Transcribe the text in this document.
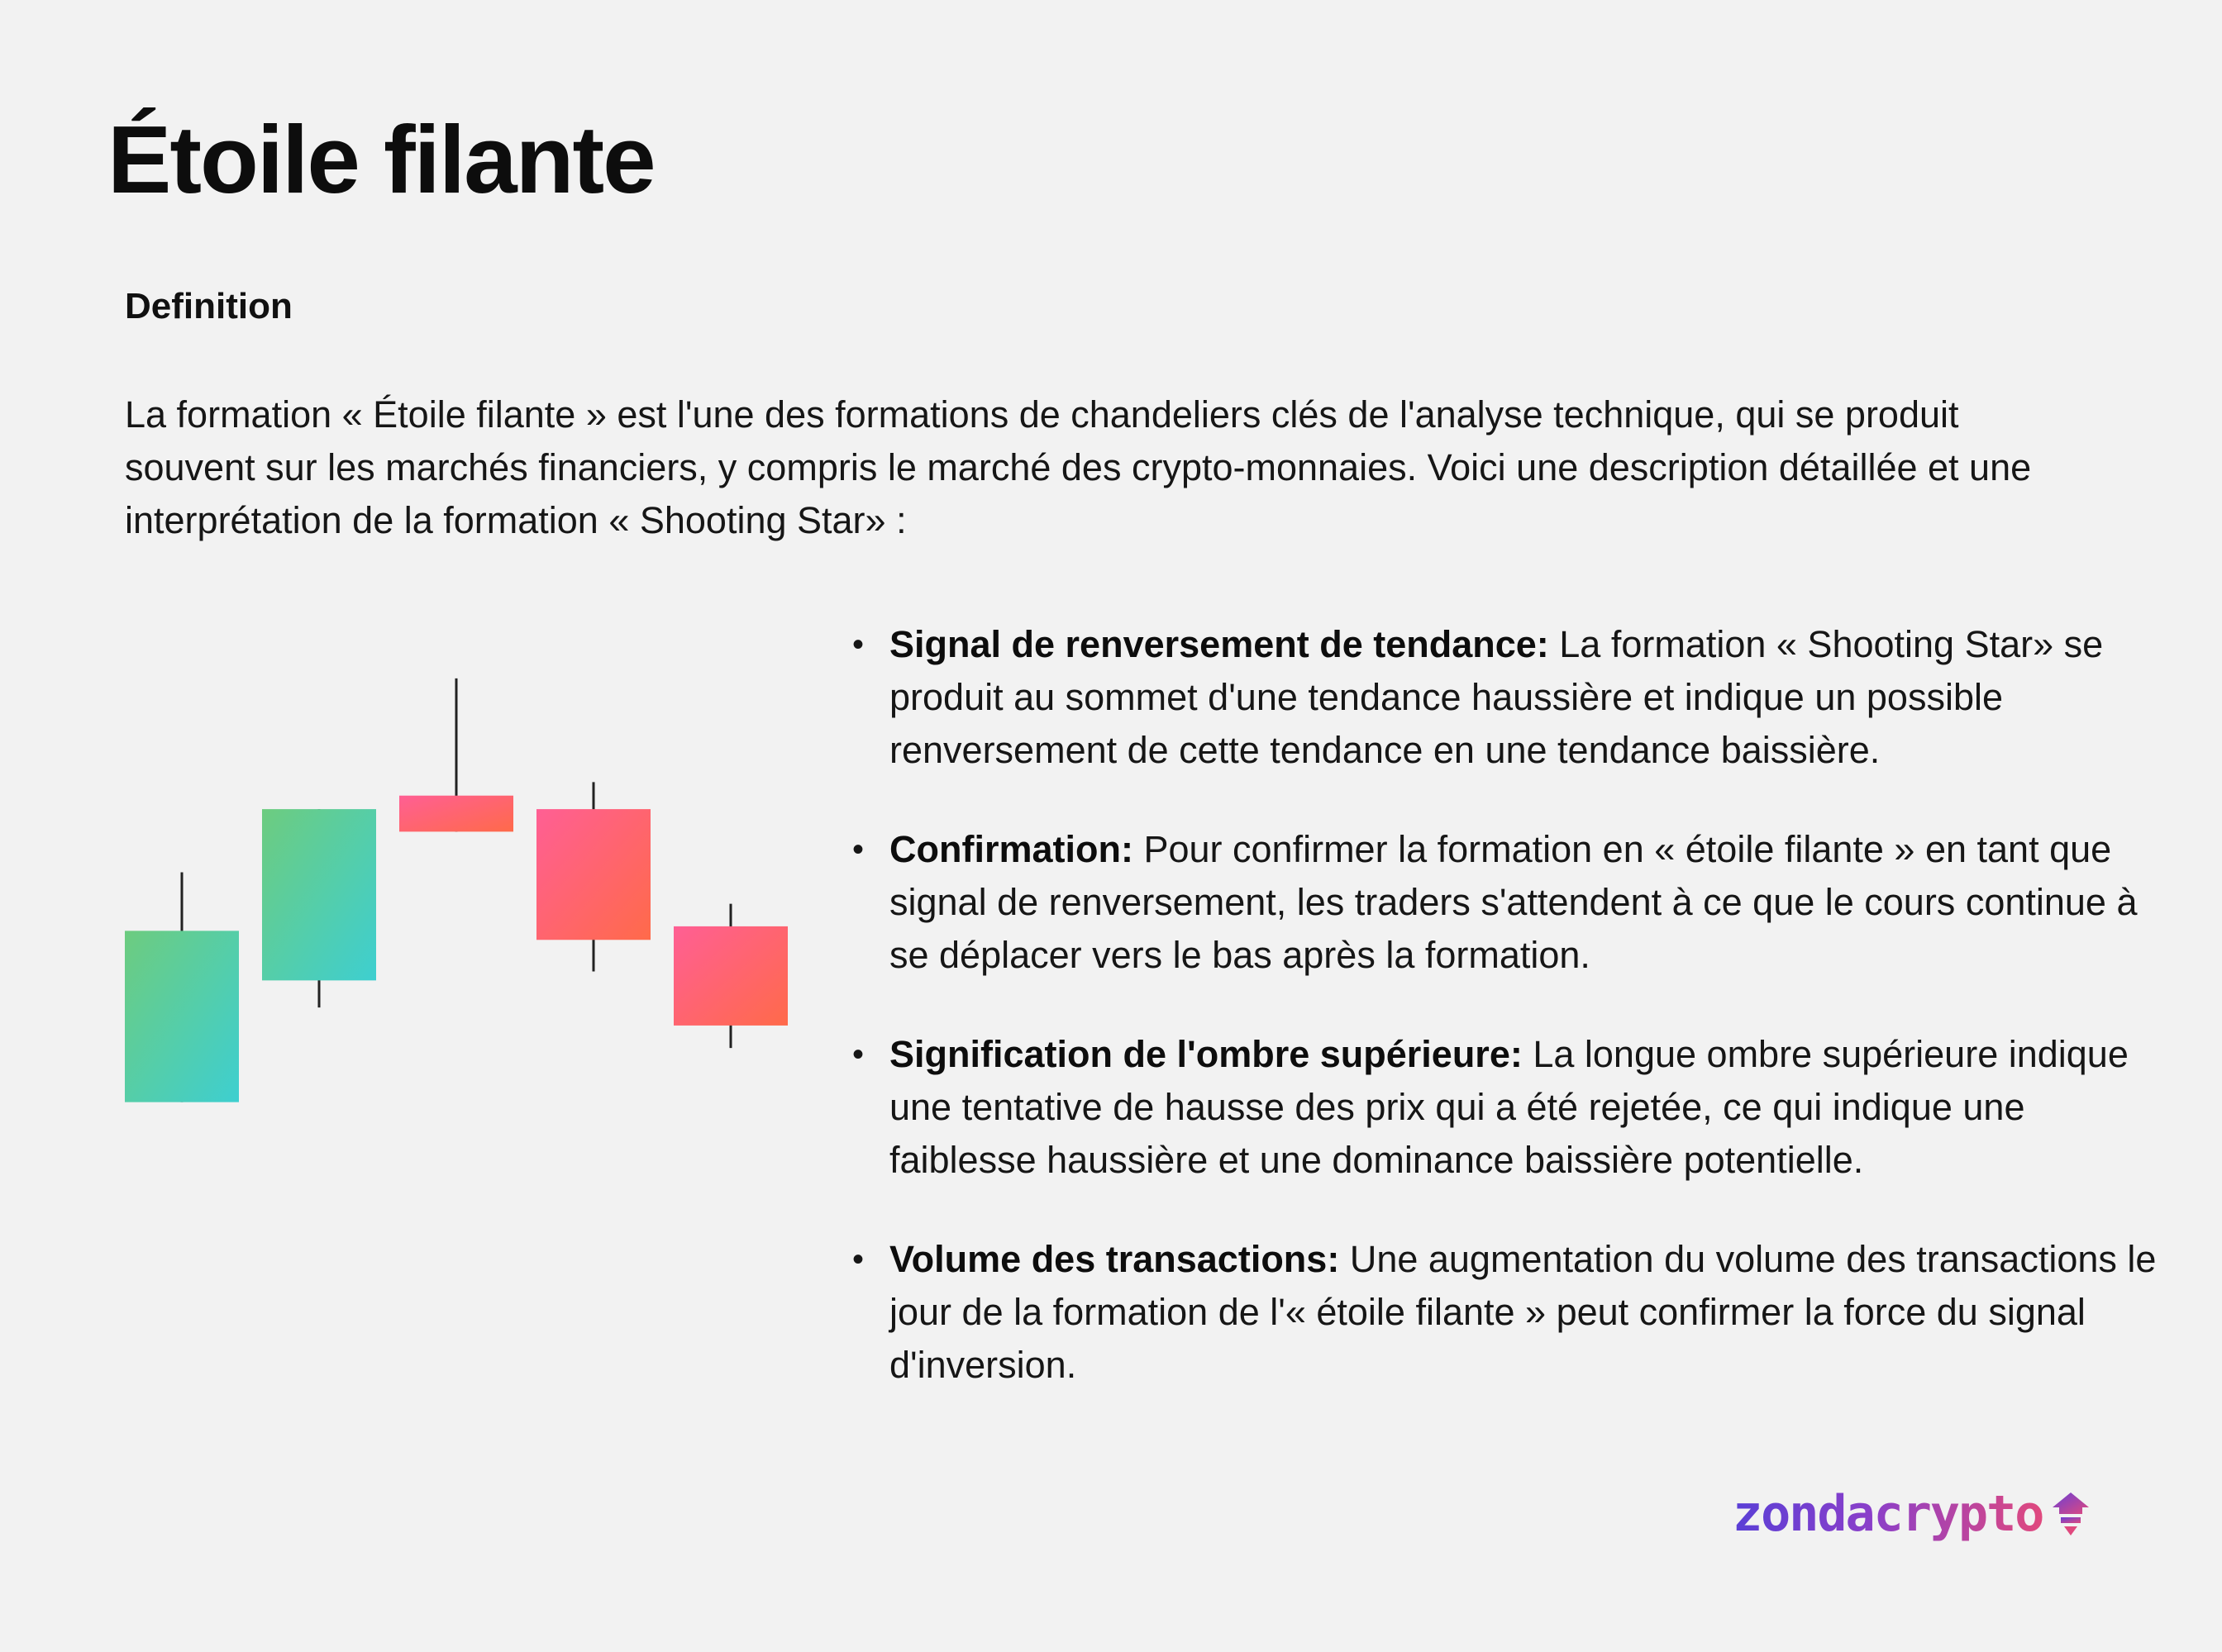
Étoile filante
Definition

La formation « Étoile filante » est l'une des formations de chandeliers clés de l'analyse technique, qui se produit souvent sur les marchés financiers, y compris le marché des crypto-monnaies. Voici une description détaillée et une interprétation de la formation « Shooting Star» :

• Signal de renversement de tendance: La formation « Shooting Star» se produit au sommet d'une tendance haussière et indique un possible renversement de cette tendance en une tendance baissière.
• Confirmation: Pour confirmer la formation en « étoile filante » en tant que signal de renversement, les traders s'attendent à ce que le cours continue à se déplacer vers le bas après la formation.
• Signification de l'ombre supérieure: La longue ombre supérieure indique une tentative de hausse des prix qui a été rejetée, ce qui indique une faiblesse haussière et une dominance baissière potentielle.
• Volume des transactions: Une augmentation du volume des transactions le jour de la formation de l'« étoile filante » peut confirmer la force du signal d'inversion.
zondacrypto
